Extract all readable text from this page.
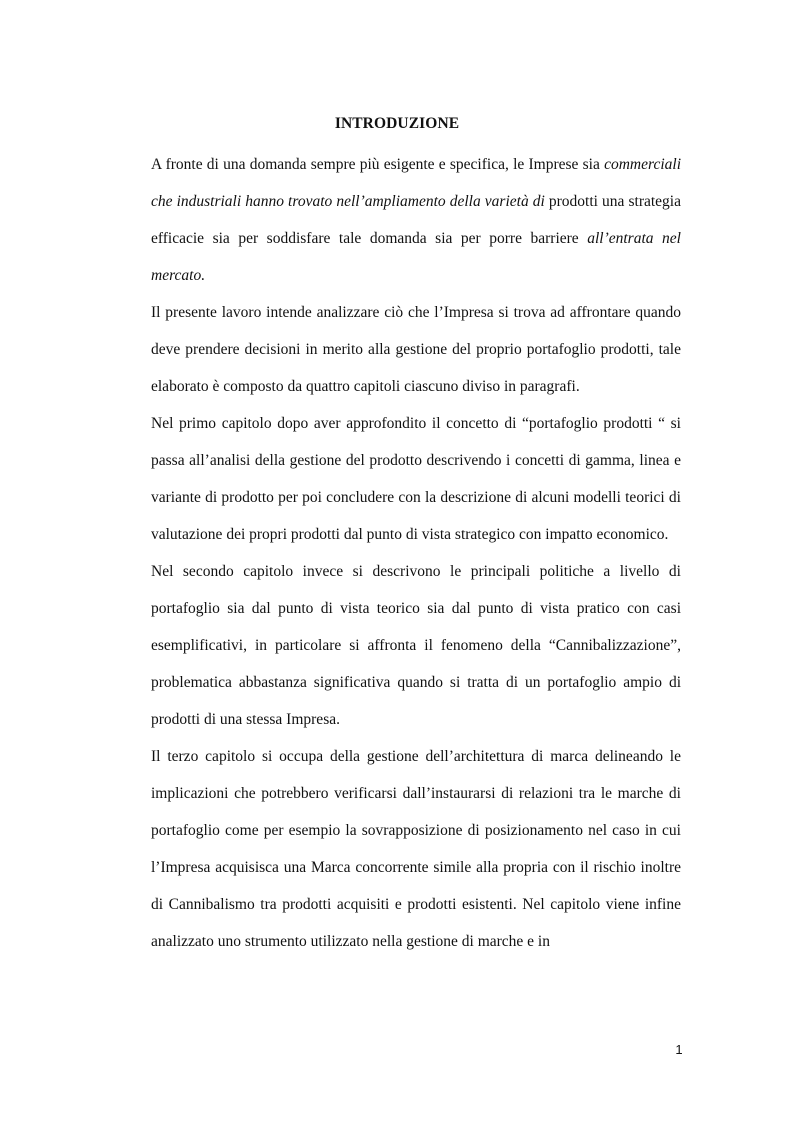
INTRODUZIONE

A fronte di una domanda sempre più esigente e specifica, le Imprese sia commerciali che industriali hanno trovato nell’ampliamento della varietà di prodotti una strategia efficacie sia per soddisfare tale domanda sia per porre barriere all’entrata nel mercato.

Il presente lavoro intende analizzare ciò che l’Impresa si trova ad affrontare quando deve prendere decisioni in merito alla gestione del proprio portafoglio prodotti, tale elaborato è composto da quattro capitoli ciascuno diviso in paragrafi.

Nel primo capitolo dopo aver approfondito il concetto di “portafoglio prodotti “ si passa all’analisi della gestione del prodotto descrivendo i concetti di gamma, linea e variante di prodotto per poi concludere con la descrizione di alcuni modelli teorici di valutazione dei propri prodotti dal punto di vista strategico con impatto economico.

Nel secondo capitolo invece si descrivono le principali politiche a livello di portafoglio sia dal punto di vista teorico sia dal punto di vista pratico con casi esemplificativi, in particolare si affronta il fenomeno della “Cannibalizzazione”, problematica abbastanza significativa quando si tratta di un portafoglio ampio di prodotti di una stessa Impresa.

Il terzo capitolo si occupa della gestione dell’architettura di marca delineando le implicazioni che potrebbero verificarsi dall’instaurarsi di relazioni tra le marche di portafoglio come per esempio la sovrapposizione di posizionamento nel caso in cui l’Impresa acquisisca una Marca concorrente simile alla propria con il rischio inoltre di Cannibalismo tra prodotti acquisiti e prodotti esistenti. Nel capitolo viene infine analizzato uno strumento utilizzato nella gestione di marche e in

1
